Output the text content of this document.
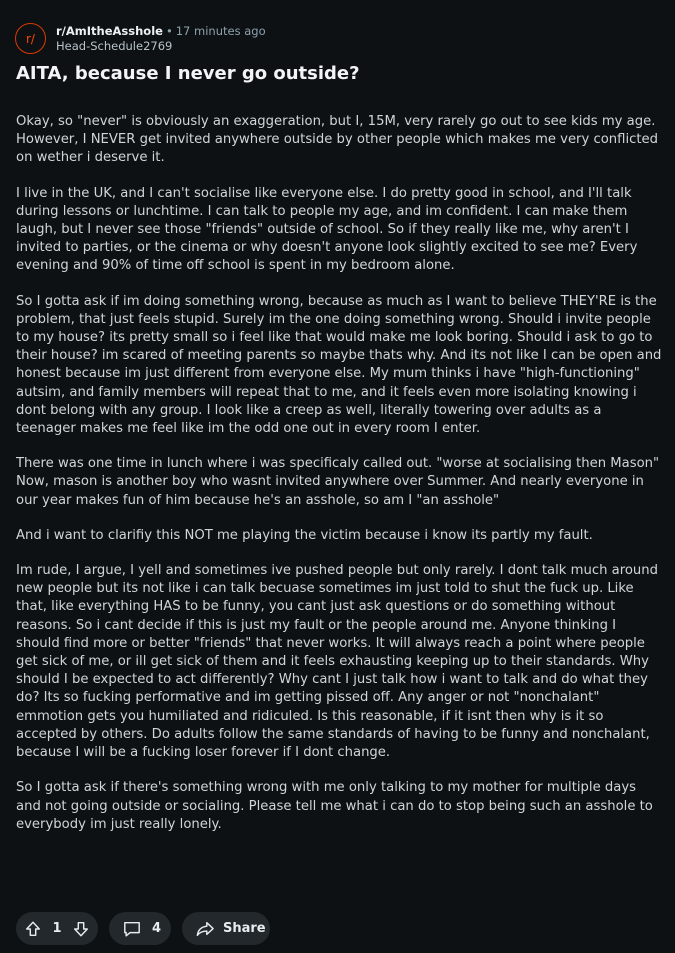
r/
r/AmItheAsshole • 17 minutes ago
Head-Schedule2769
AITA, because I never go outside?

Okay, so "never" is obviously an exaggeration, but I, 15M, very rarely go out to see kids my age. However, I NEVER get invited anywhere outside by other people which makes me very conflicted on wether i deserve it.

I live in the UK, and I can't socialise like everyone else. I do pretty good in school, and I'll talk during lessons or lunchtime. I can talk to people my age, and im confident. I can make them laugh, but I never see those "friends" outside of school. So if they really like me, why aren't I invited to parties, or the cinema or why doesn't anyone look slightly excited to see me? Every evening and 90% of time off school is spent in my bedroom alone.

So I gotta ask if im doing something wrong, because as much as I want to believe THEY'RE is the problem, that just feels stupid. Surely im the one doing something wrong. Should i invite people to my house? its pretty small so i feel like that would make me look boring. Should i ask to go to their house? im scared of meeting parents so maybe thats why. And its not like I can be open and honest because im just different from everyone else. My mum thinks i have "high-functioning" autsim, and family members will repeat that to me, and it feels even more isolating knowing i dont belong with any group. I look like a creep as well, literally towering over adults as a teenager makes me feel like im the odd one out in every room I enter.

There was one time in lunch where i was specificaly called out. "worse at socialising then Mason" Now, mason is another boy who wasnt invited anywhere over Summer. And nearly everyone in our year makes fun of him because he's an asshole, so am I "an asshole"

And i want to clarifiy this NOT me playing the victim because i know its partly my fault.

Im rude, I argue, I yell and sometimes ive pushed people but only rarely. I dont talk much around new people but its not like i can talk becuase sometimes im just told to shut the fuck up. Like that, like everything HAS to be funny, you cant just ask questions or do something without reasons. So i cant decide if this is just my fault or the people around me. Anyone thinking I should find more or better "friends" that never works. It will always reach a point where people get sick of me, or ill get sick of them and it feels exhausting keeping up to their standards. Why should I be expected to act differently? Why cant I just talk how i want to talk and do what they do? Its so fucking performative and im getting pissed off. Any anger or not "nonchalant" emmotion gets you humiliated and ridiculed. Is this reasonable, if it isnt then why is it so accepted by others. Do adults follow the same standards of having to be funny and nonchalant, because I will be a fucking loser forever if I dont change.

So I gotta ask if there's something wrong with me only talking to my mother for multiple days and not going outside or socialing. Please tell me what i can do to stop being such an asshole to everybody im just really lonely.

1	4	Share
